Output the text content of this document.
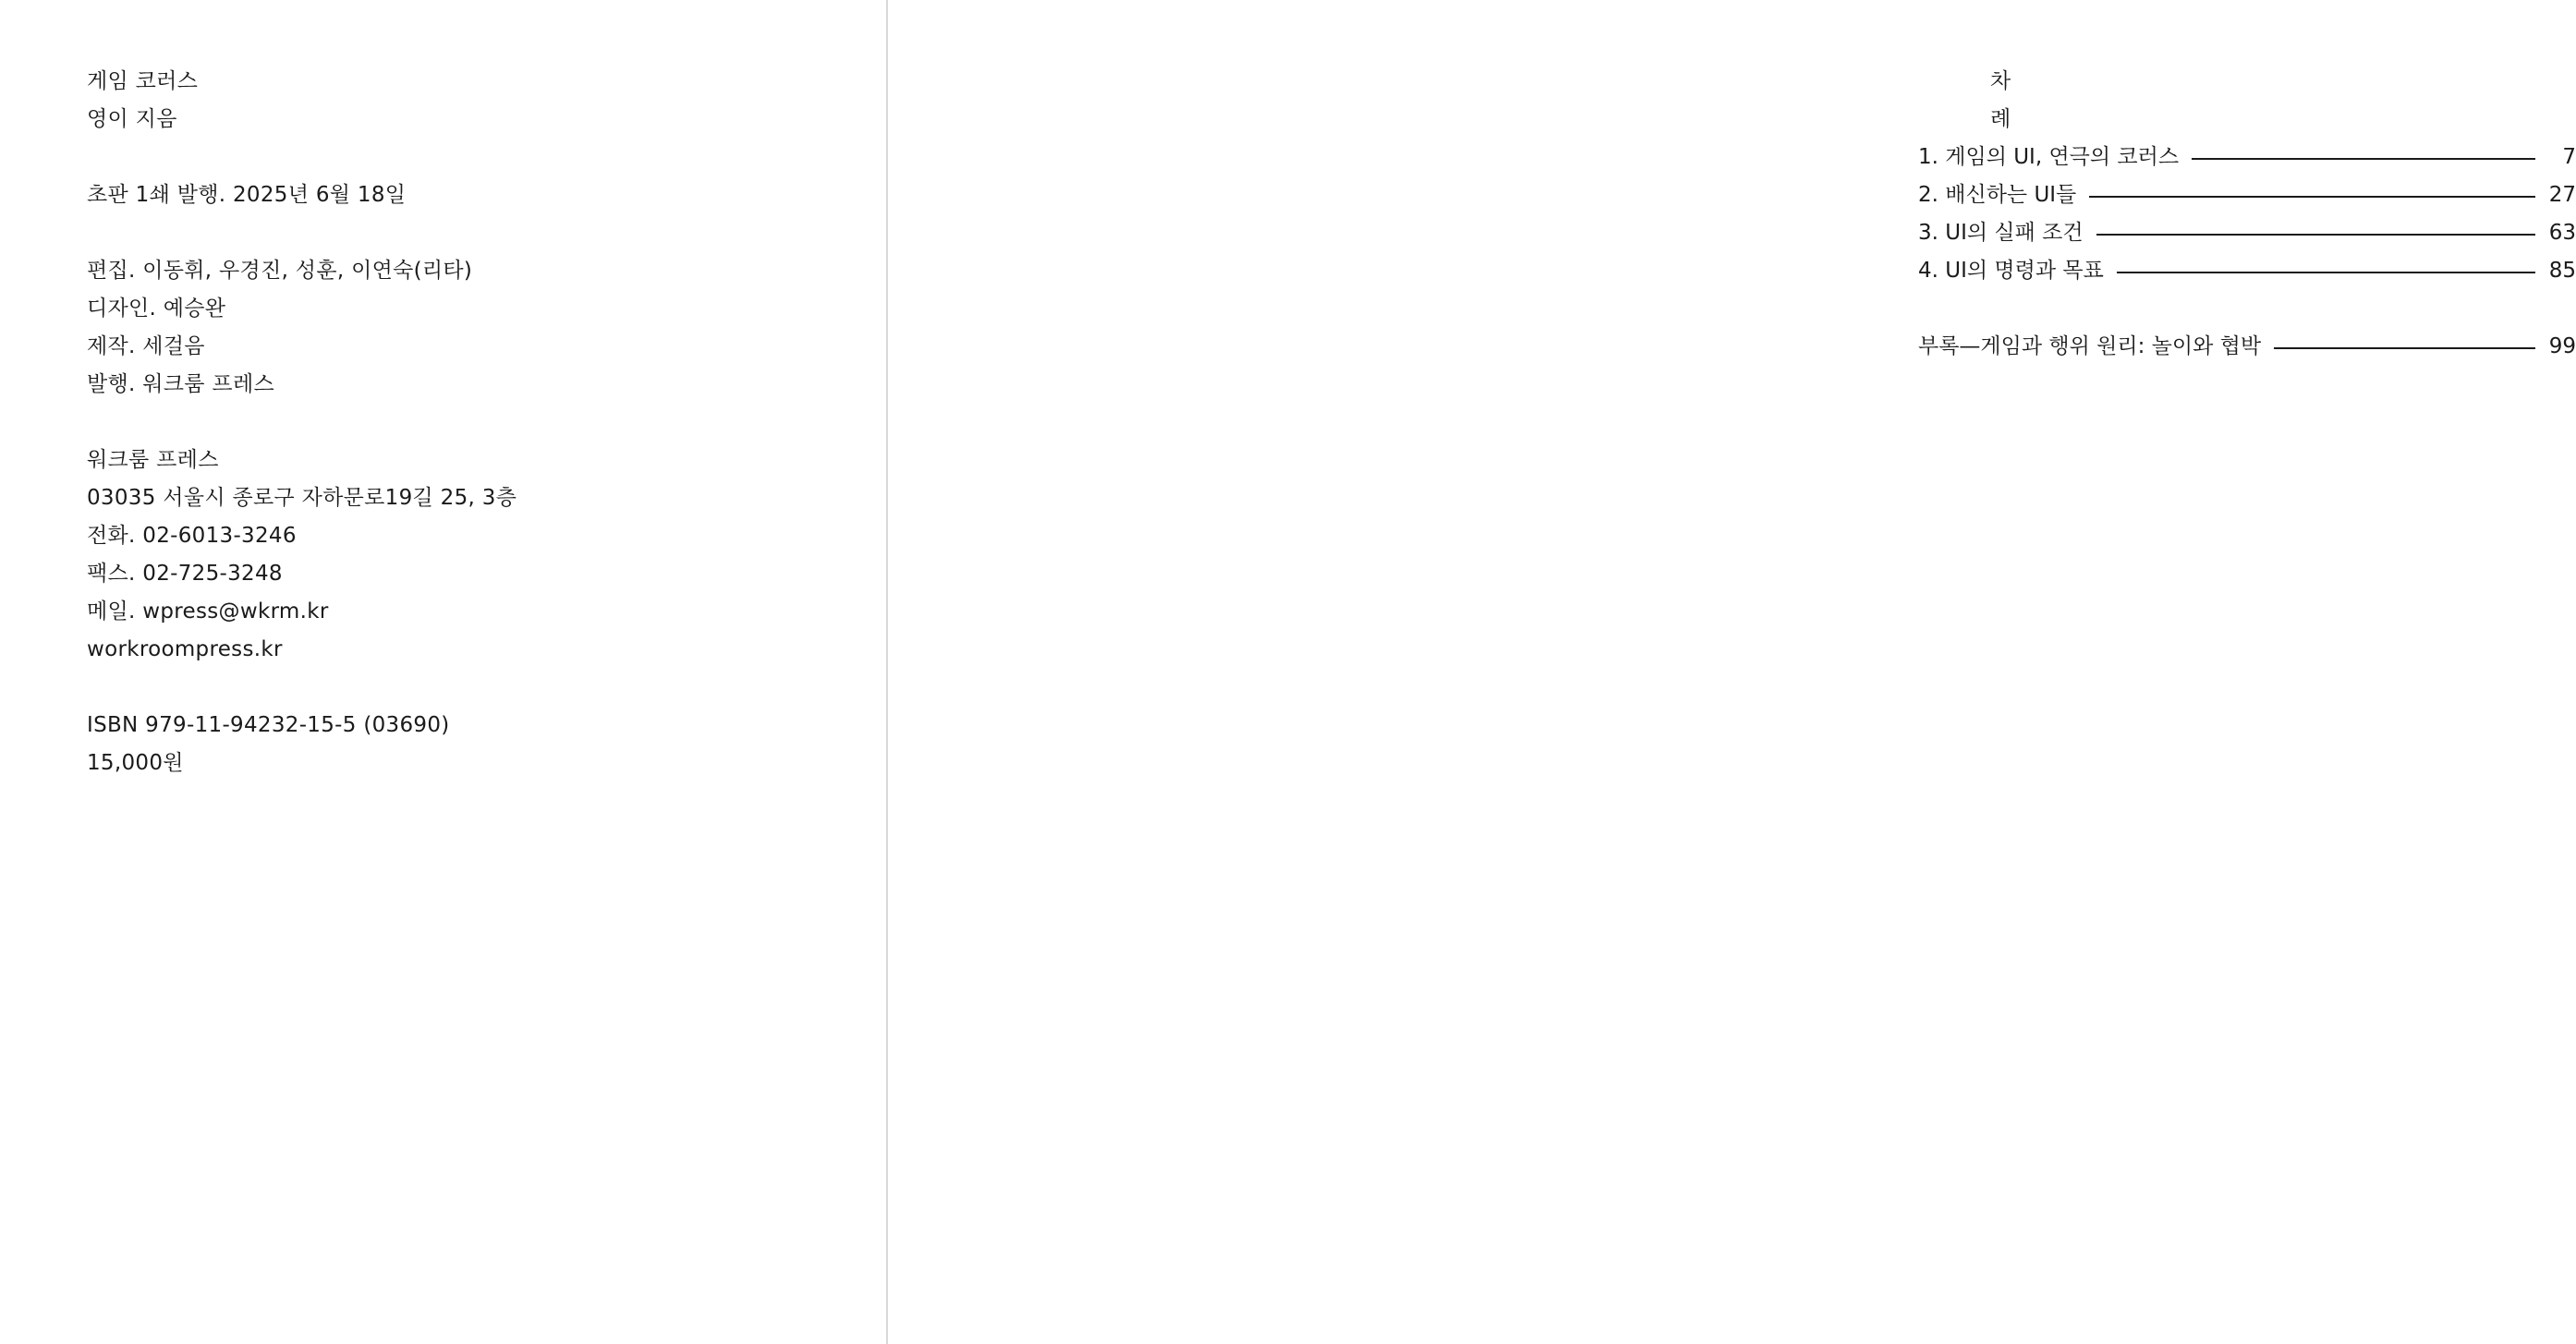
게임 코러스
영이 지음
초판 1쇄 발행. 2025년 6월 18일
편집. 이동휘, 우경진, 성훈, 이연숙(리타)
디자인. 예승완
제작. 세걸음
발행. 워크룸 프레스
워크룸 프레스
03035 서울시 종로구 자하문로19길 25, 3층
전화. 02-6013-3246
팩스. 02-725-3248
메일. wpress@wkrm.kr
workroompress.kr
ISBN 979-11-94232-15-5 (03690)
15,000원
차례
1. 게임의 UI, 연극의 코러스	7
2. 배신하는 UI들	27
3. UI의 실패 조건	63
4. UI의 명령과 목표	85
부록—게임과 행위 원리: 놀이와 협박	99
